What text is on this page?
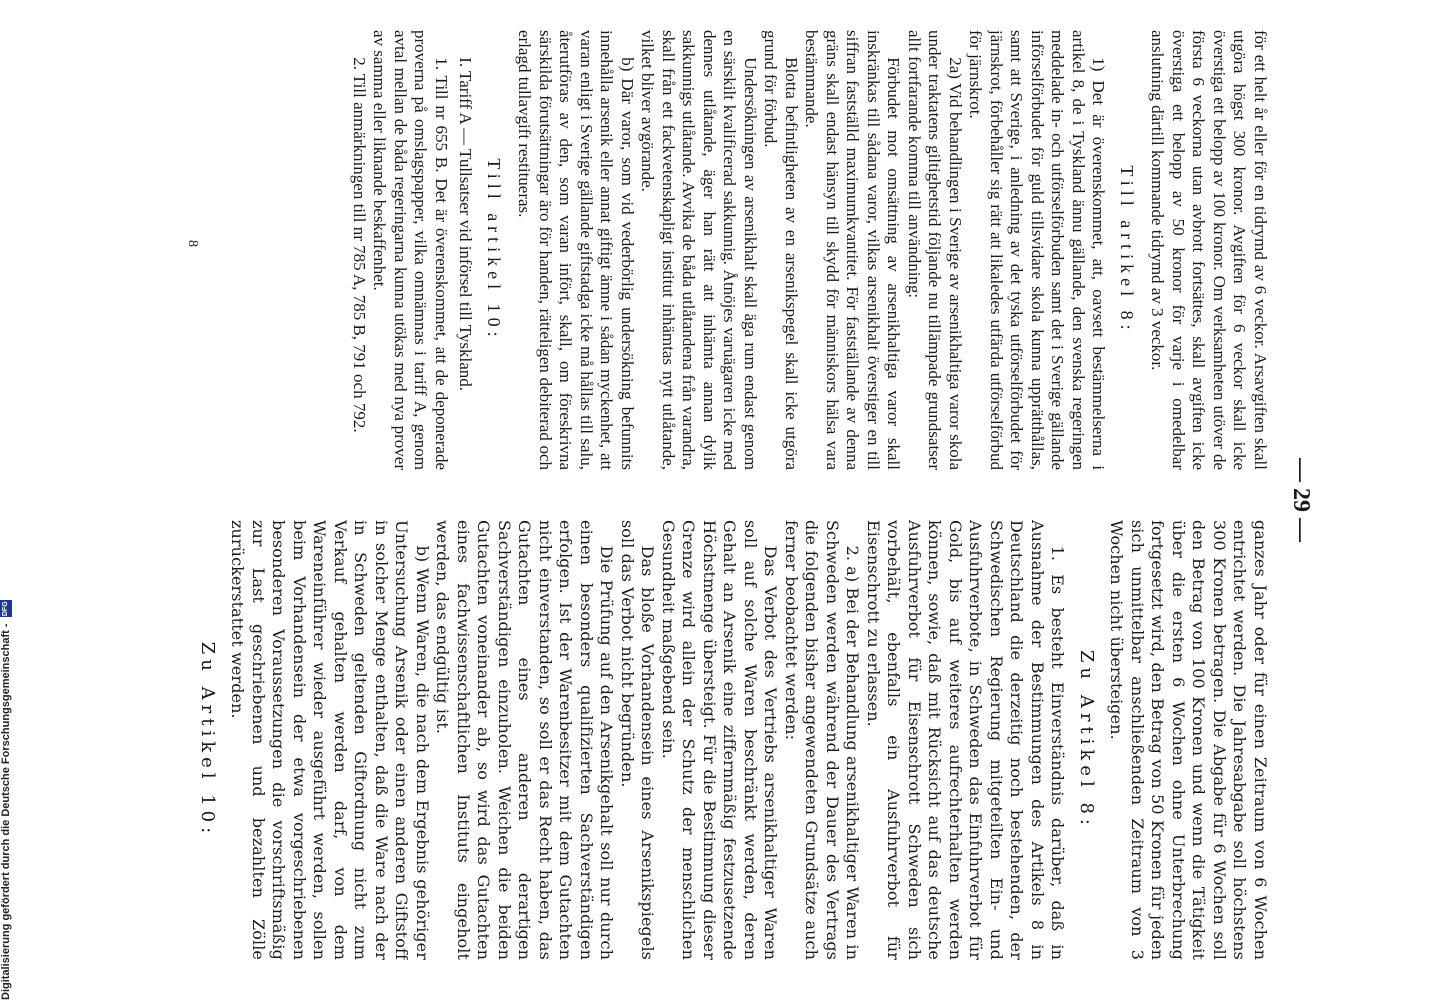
Digitalisierung gefördert durch die Deutsche Forschungsgemeinschaft -
DFG
— 29 —

för ett helt år eller för en tidrymd av 6 veckor. Arsavgiften skall utgöra högst 300 kronor. Avgiften för 6 veckor skall icke överstiga ett belopp av 100 kronor. Om verksamheten utöver de första 6 veckorna utan avbrott fortsättes, skall avgiften icke överstiga ett belopp av 50 kronor för varje i omedelbar anslutning därtill kommande tidrymd av 3 veckor.

Till artikel 8:

1) Det är överenskommet, att, oavsett bestämmelserna i artikel 8, de i Tyskland ännu gällande, den svenska regeringen meddelade in- och utförselförbuden samt det i Sverige gällande införselförbudet för guld tillsvidare skola kunna upprätthållas, samt att Sverige, i anledning av det tyska utförselförbudet för järnskrot, förbehåller sig rätt att likaledes utfärda utförselförbud för järnskrot.

2a) Vid behandlingen i Sverige av arsenikhaltiga varor skola under traktatens giltighetstid följande nu tillämpade grundsatser allt fortfarande komma till användning:

Förbudet mot omsättning av arsenikhaltiga varor skall inskränkas till sådana varor, vilkas arsenikhalt överstiger en till siffran fastställd maximumkvantitet. För fastställande av denna gräns skall endast hänsyn till skydd för människors hälsa vara bestämmande.

Blotta befintligheten av en arsenikspegel skall icke utgöra grund för förbud.

Undersökningen av arsenikhalt skall äga rum endast genom en särskilt kvalificerad sakkunnig. Åtnöjes varuägaren icke med dennes utlåtande, äger han rätt att inhämta annan dylik sakkunnigs utlåtande. Avvika de båda utlåtandena från varandra, skall från ett fackvetenskapligt institut inhämtas nytt utlåtande, vilket bliver avgörande.

b) Där varor, som vid vederbörlig undersökning befunnits innehålla arsenik eller annat giftigt ämne i sådan myckenhet, att varan enligt i Sverige gällande giftstadga icke må hållas till salu, återutföras av den, som varan infört, skall, om föreskrivna särskilda förutsättningar äro för handen, rättеligen debiterad och erlagd tullavgift restitueras.

Till artikel 10:

I. Tariff A — Tullsatser vid införsel till Tyskland.

1. Till nr 655 B. Det är överenskommet, att de deponerade proverna på omslagspapper, vilka omnämnas i tariff A, genom avtal mellan de båda regeringarna kunna utökas med nya prover av samma eller liknande beskaffenhet.

2. Till anmärkningen till nr 785 A, 785 B, 791 och 792.

ganzes Jahr oder für einen Zeitraum von 6 Wochen entrichtet werden. Die Jahresabgabe soll höchstens 300 Kronen betragen. Die Abgabe für 6 Wochen soll den Betrag von 100 Kronen und wenn die Tätigkeit über die ersten 6 Wochen ohne Unterbrechung fortgesetzt wird, den Betrag von 50 Kronen für jeden sich unmittelbar anschließenden Zeitraum von 3 Wochen nicht übersteigen.

Zu Artikel 8:

1. Es besteht Einverständnis darüber, daß in Ausnahme der Bestimmungen des Artikels 8 in Deutschland die derzeitig noch bestehenden, der Schwedischen Regierung mitgeteilten Ein- und Ausfuhrverbote, in Schweden das Einfuhrverbot für Gold, bis auf weiteres aufrechterhalten werden können, sowie, daß mit Rücksicht auf das deutsche Ausfuhrverbot für Eisenschrott Schweden sich vorbehält, ebenfalls ein Ausfuhrverbot für Eisenschrott zu erlassen.

2. a) Bei der Behandlung arsenikhaltiger Waren in Schweden werden während der Dauer des Vertrags die folgenden bisher angewendeten Grundsätze auch ferner beobachtet werden:

Das Verbot des Vertriebs arsenikhaltiger Waren soll auf solche Waren beschränkt werden, deren Gehalt an Arsenik eine ziffernmäßig festzusetzende Höchstmenge übersteigt. Für die Bestimmung dieser Grenze wird allein der Schutz der menschlichen Gesundheit maßgebend sein.

Das bloße Vorhandensein eines Arsenikspiegels soll das Verbot nicht begründen.

Die Prüfung auf den Arsenikgehalt soll nur durch einen besonders qualifizierten Sachverständigen erfolgen. Ist der Warenbesitzer mit dem Gutachten nicht einverstanden, so soll er das Recht haben, das Gutachten eines anderen derartigen Sachverständigen einzuholen. Weichen die beiden Gutachten voneinander ab, so wird das Gutachten eines fachwissenschaftlichen Instituts eingeholt werden, das endgültig ist.

b) Wenn Waren, die nach dem Ergebnis gehöriger Untersuchung Arsenik oder einen anderen Giftstoff in solcher Menge enthalten, daß die Ware nach der in Schweden geltenden Giftordnung nicht zum Verkauf gehalten werden darf, von dem Warenеinführer wieder ausgeführt werden, sollen beim Vorhandensein der etwa vorgeschriebenen besonderen Voraussetzungen die vorschriftsmäßig zur Last geschriebenen und bezahlten Zölle zurückerstattet werden.

Zu Artikel 10:

8
